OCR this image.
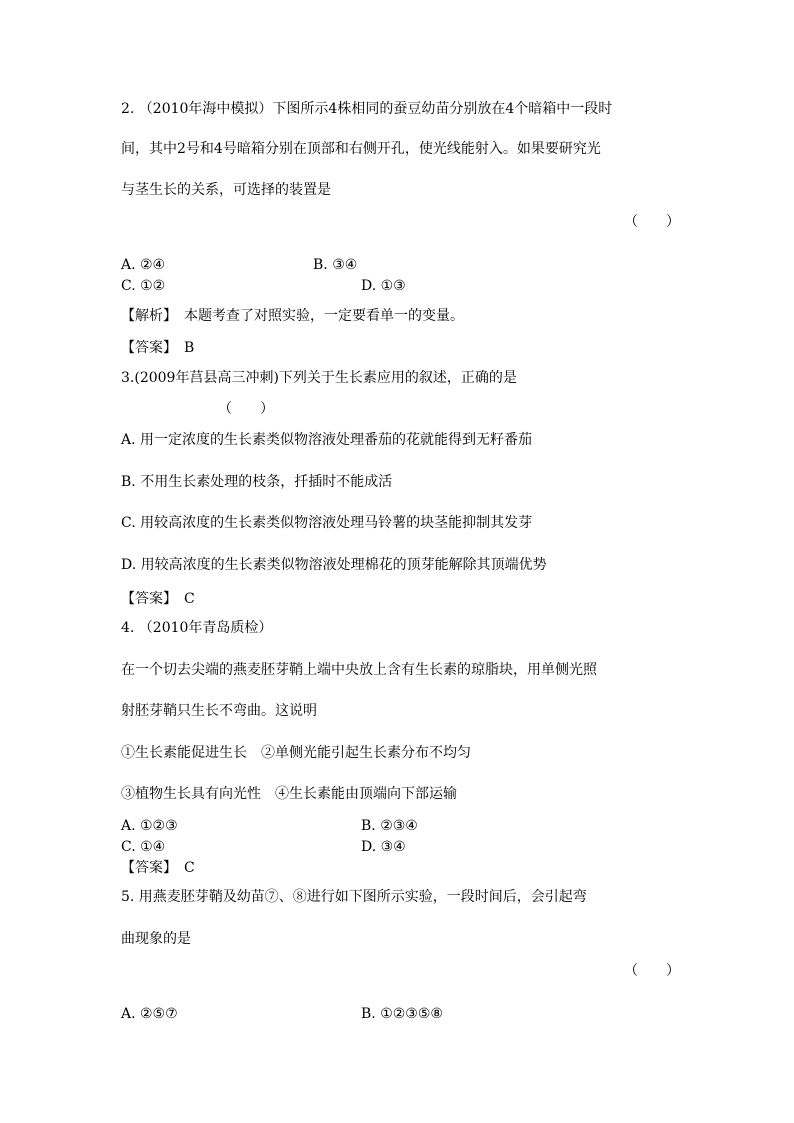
2. （2010年海中模拟）下图所示4株相同的蚕豆幼苗分别放在4个暗箱中一段时
间，其中2号和4号暗箱分别在顶部和右侧开孔，使光线能射入。如果要研究光
与茎生长的关系，可选择的装置是
（　　）
A. ②④	B. ③④
C. ①②	D. ①③
【解析】　本题考查了对照实验，一定要看单一的变量。
【答案】　B
3.(2009年莒县高三冲刺)下列关于生长素应用的叙述，正确的是
（　　）
A. 用一定浓度的生长素类似物溶液处理番茄的花就能得到无籽番茄
B. 不用生长素处理的枝条，扦插时不能成活
C. 用较高浓度的生长素类似物溶液处理马铃薯的块茎能抑制其发芽
D. 用较高浓度的生长素类似物溶液处理棉花的顶芽能解除其顶端优势
【答案】　C
4. （2010年青岛质检）
在一个切去尖端的燕麦胚芽鞘上端中央放上含有生长素的琼脂块，用单侧光照
射胚芽鞘只生长不弯曲。这说明
①生长素能促进生长　②单侧光能引起生长素分布不均匀
③植物生长具有向光性　④生长素能由顶端向下部运输
A. ①②③	B. ②③④
C. ①④	D. ③④
【答案】　C
5. 用燕麦胚芽鞘及幼苗⑦、⑧进行如下图所示实验，一段时间后，会引起弯
曲现象的是
（　　）
A. ②⑤⑦	B. ①②③⑤⑧
